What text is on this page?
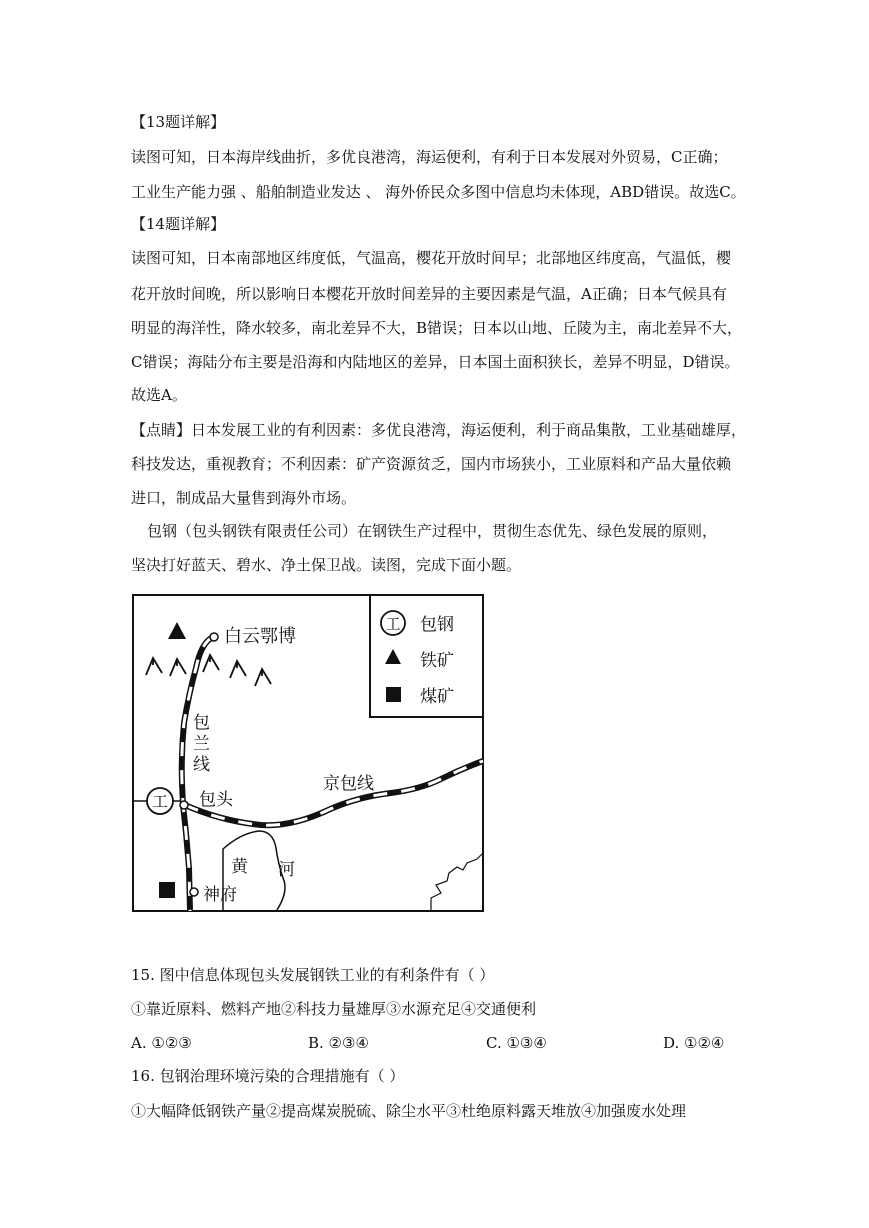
【13题详解】
读图可知，日本海岸线曲折，多优良港湾，海运便利，有利于日本发展对外贸易，C正确；
工业生产能力强 、船舶制造业发达 、 海外侨民众多图中信息均未体现，ABD错误。故选C。
【14题详解】
读图可知，日本南部地区纬度低，气温高，樱花开放时间早；北部地区纬度高，气温低，樱
花开放时间晚，所以影响日本樱花开放时间差异的主要因素是气温，A正确；日本气候具有
明显的海洋性，降水较多，南北差异不大，B错误；日本以山地、丘陵为主，南北差异不大，
C错误；海陆分布主要是沿海和内陆地区的差异，日本国土面积狭长，差异不明显，D错误。
故选A。
【点睛】日本发展工业的有利因素：多优良港湾，海运便利，利于商品集散，工业基础雄厚，
科技发达，重视教育；不利因素：矿产资源贫乏，国内市场狭小，工业原料和产品大量依赖
进口，制成品大量售到海外市场。
包钢（包头钢铁有限责任公司）在钢铁生产过程中，贯彻生态优先、绿色发展的原则，
坚决打好蓝天、碧水、净土保卫战。读图，完成下面小题。
工
白云鄂博
包头
神府
黄 河
包
兰
线
京包线
工 包钢
铁矿
煤矿
15. 图中信息体现包头发展钢铁工业的有利条件有（ ）
①靠近原料、燃料产地②科技力量雄厚③水源充足④交通便利
A. ①②③	B. ②③④	C. ①③④	D. ①②④
16. 包钢治理环境污染的合理措施有（ ）
①大幅降低钢铁产量②提高煤炭脱硫、除尘水平③杜绝原料露天堆放④加强废水处理
